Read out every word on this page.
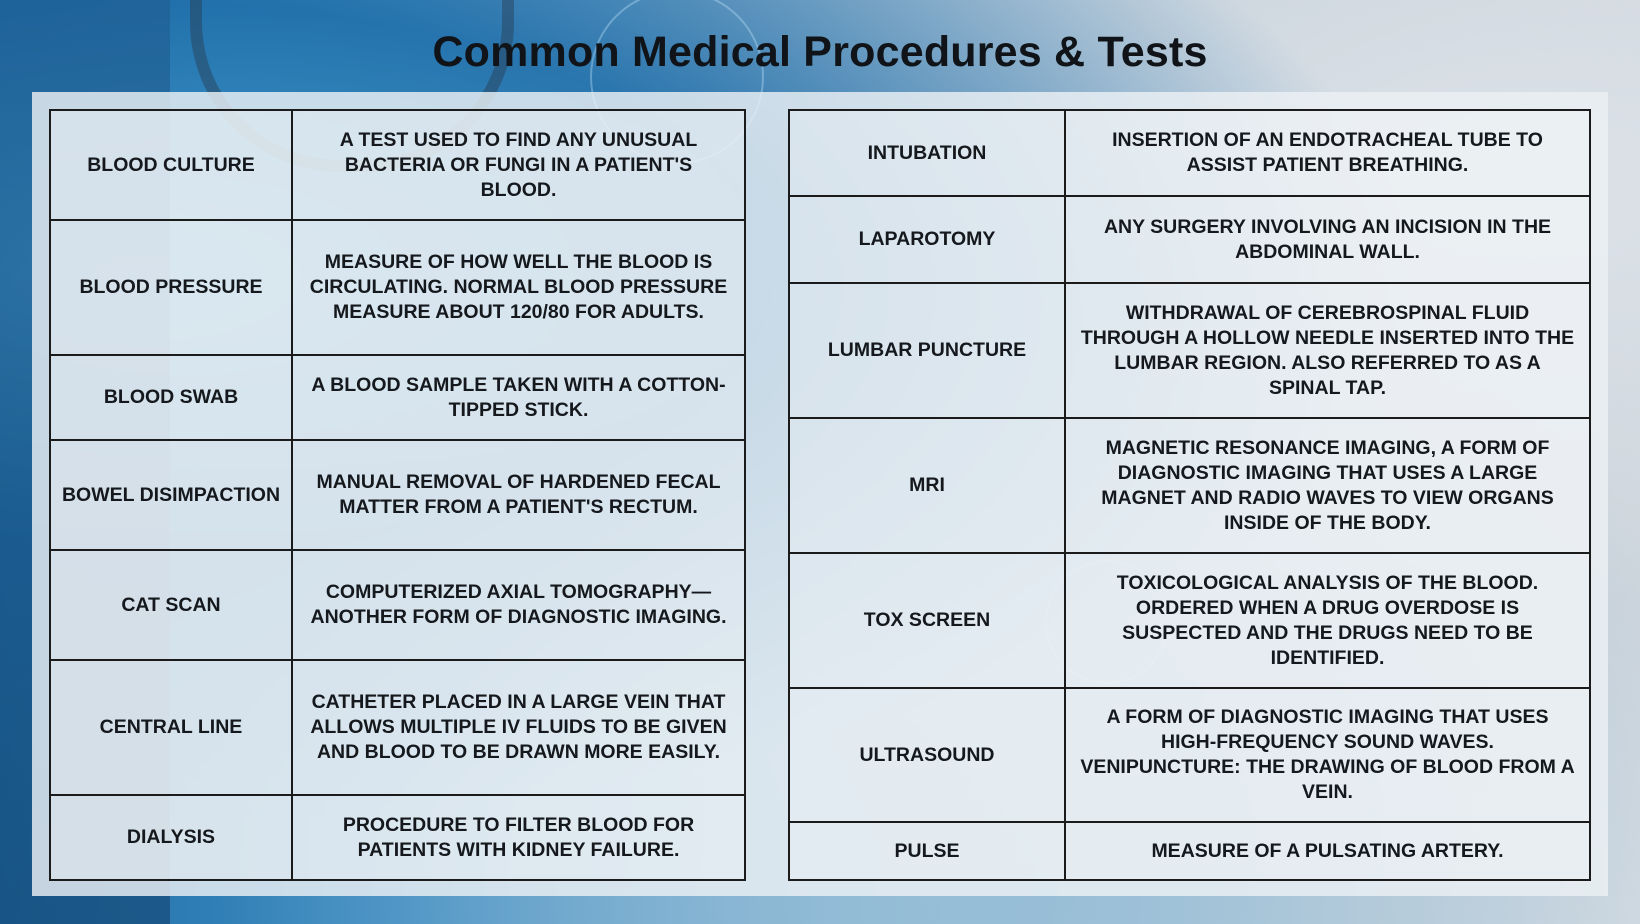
Common Medical Procedures & Tests
BLOOD CULTURE	A TEST USED TO FIND ANY UNUSUAL BACTERIA OR FUNGI IN A PATIENT'S BLOOD.
BLOOD PRESSURE	MEASURE OF HOW WELL THE BLOOD IS CIRCULATING. NORMAL BLOOD PRESSURE MEASURE ABOUT 120/80 FOR ADULTS.
BLOOD SWAB	A BLOOD SAMPLE TAKEN WITH A COTTON-TIPPED STICK.
BOWEL DISIMPACTION	MANUAL REMOVAL OF HARDENED FECAL MATTER FROM A PATIENT'S RECTUM.
CAT SCAN	COMPUTERIZED AXIAL TOMOGRAPHY—ANOTHER FORM OF DIAGNOSTIC IMAGING.
CENTRAL LINE	CATHETER PLACED IN A LARGE VEIN THAT ALLOWS MULTIPLE IV FLUIDS TO BE GIVEN AND BLOOD TO BE DRAWN MORE EASILY.
DIALYSIS	PROCEDURE TO FILTER BLOOD FOR PATIENTS WITH KIDNEY FAILURE.
INTUBATION	INSERTION OF AN ENDOTRACHEAL TUBE TO ASSIST PATIENT BREATHING.
LAPAROTOMY	ANY SURGERY INVOLVING AN INCISION IN THE ABDOMINAL WALL.
LUMBAR PUNCTURE	WITHDRAWAL OF CEREBROSPINAL FLUID THROUGH A HOLLOW NEEDLE INSERTED INTO THE LUMBAR REGION. ALSO REFERRED TO AS A SPINAL TAP.
MRI	MAGNETIC RESONANCE IMAGING, A FORM OF DIAGNOSTIC IMAGING THAT USES A LARGE MAGNET AND RADIO WAVES TO VIEW ORGANS INSIDE OF THE BODY.
TOX SCREEN	TOXICOLOGICAL ANALYSIS OF THE BLOOD. ORDERED WHEN A DRUG OVERDOSE IS SUSPECTED AND THE DRUGS NEED TO BE IDENTIFIED.
ULTRASOUND	A FORM OF DIAGNOSTIC IMAGING THAT USES HIGH-FREQUENCY SOUND WAVES. VENIPUNCTURE: THE DRAWING OF BLOOD FROM A VEIN.
PULSE	MEASURE OF A PULSATING ARTERY.
